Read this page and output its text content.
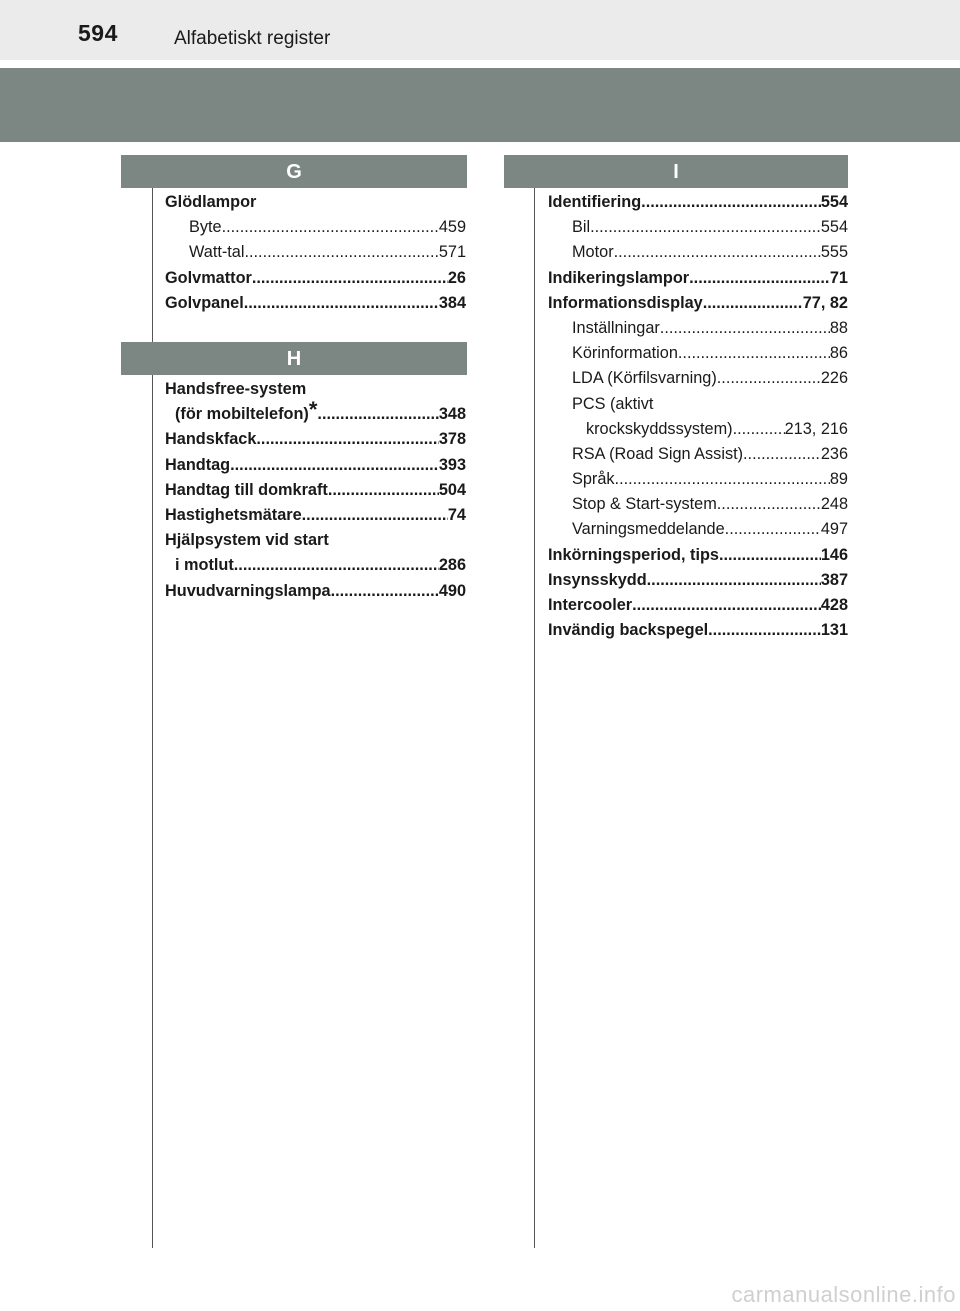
594	Alfabetiskt register
G
H
I
Glödlampor
Byte .....	459
Watt-tal .....	571
Golvmattor .....	26
Golvpanel .....	384
Handsfree-system
(för mobiltelefon)* .....	348
Handskfack .....	378
Handtag .....	393
Handtag till domkraft .....	504
Hastighetsmätare .....	74
Hjälpsystem vid start
i motlut .....	286
Huvudvarningslampa .....	490
Identifiering .....	554
Bil .....	554
Motor .....	555
Indikeringslampor .....	71
Informationsdisplay .....	77, 82
Inställningar .....	88
Körinformation .....	86
LDA (Körfilsvarning) .....	226
PCS (aktivt
krockskyddssystem) .....	213, 216
RSA (Road Sign Assist) .....	236
Språk .....	89
Stop & Start-system .....	248
Varningsmeddelande .....	497
Inkörningsperiod, tips .....	146
Insynsskydd .....	387
Intercooler .....	428
Invändig backspegel .....	131
carmanualsonline.info
